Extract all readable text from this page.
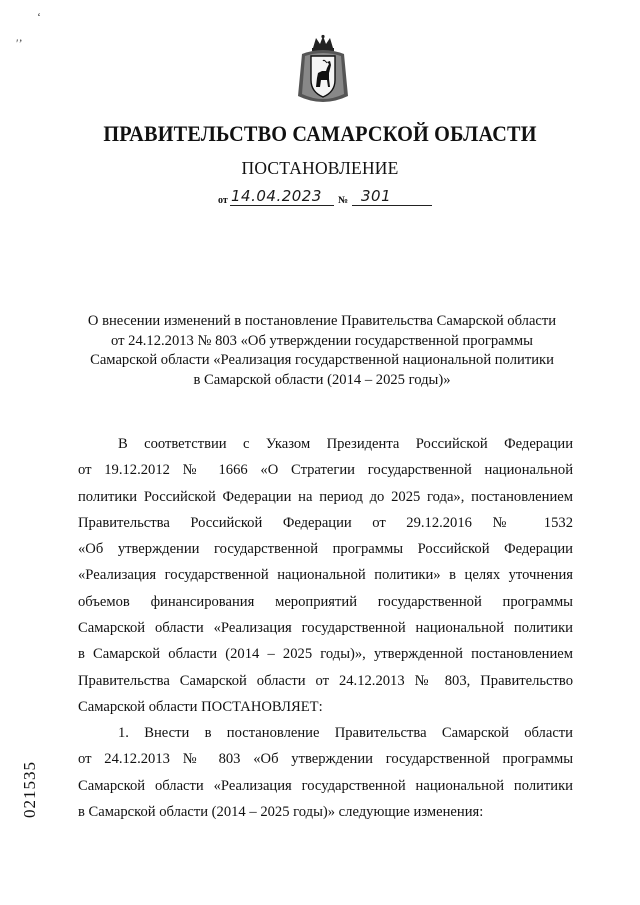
‘
′’
ПРАВИТЕЛЬСТВО САМАРСКОЙ ОБЛАСТИ
ПОСТАНОВЛЕНИЕ
от 14.04.2023 № 301
О внесении изменений в постановление Правительства Самарской области
от 24.12.2013 № 803 «Об утверждении государственной программы
Самарской области «Реализация государственной национальной политики
в Самарской области (2014 – 2025 годы)»
В соответствии с Указом Президента Российской Федерации
от 19.12.2012 № 1666 «О Стратегии государственной национальной
политики Российской Федерации на период до 2025 года», постановлением
Правительства Российской Федерации от 29.12.2016 № 1532
«Об утверждении государственной программы Российской Федерации
«Реализация государственной национальной политики» в целях уточнения
объемов финансирования мероприятий государственной программы
Самарской области «Реализация государственной национальной политики
в Самарской области (2014 – 2025 годы)», утвержденной постановлением
Правительства Самарской области от 24.12.2013 № 803, Правительство
Самарской области ПОСТАНОВЛЯЕТ:
1. Внести в постановление Правительства Самарской области
от 24.12.2013 № 803 «Об утверждении государственной программы
Самарской области «Реализация государственной национальной политики
в Самарской области (2014 – 2025 годы)» следующие изменения:
021535
